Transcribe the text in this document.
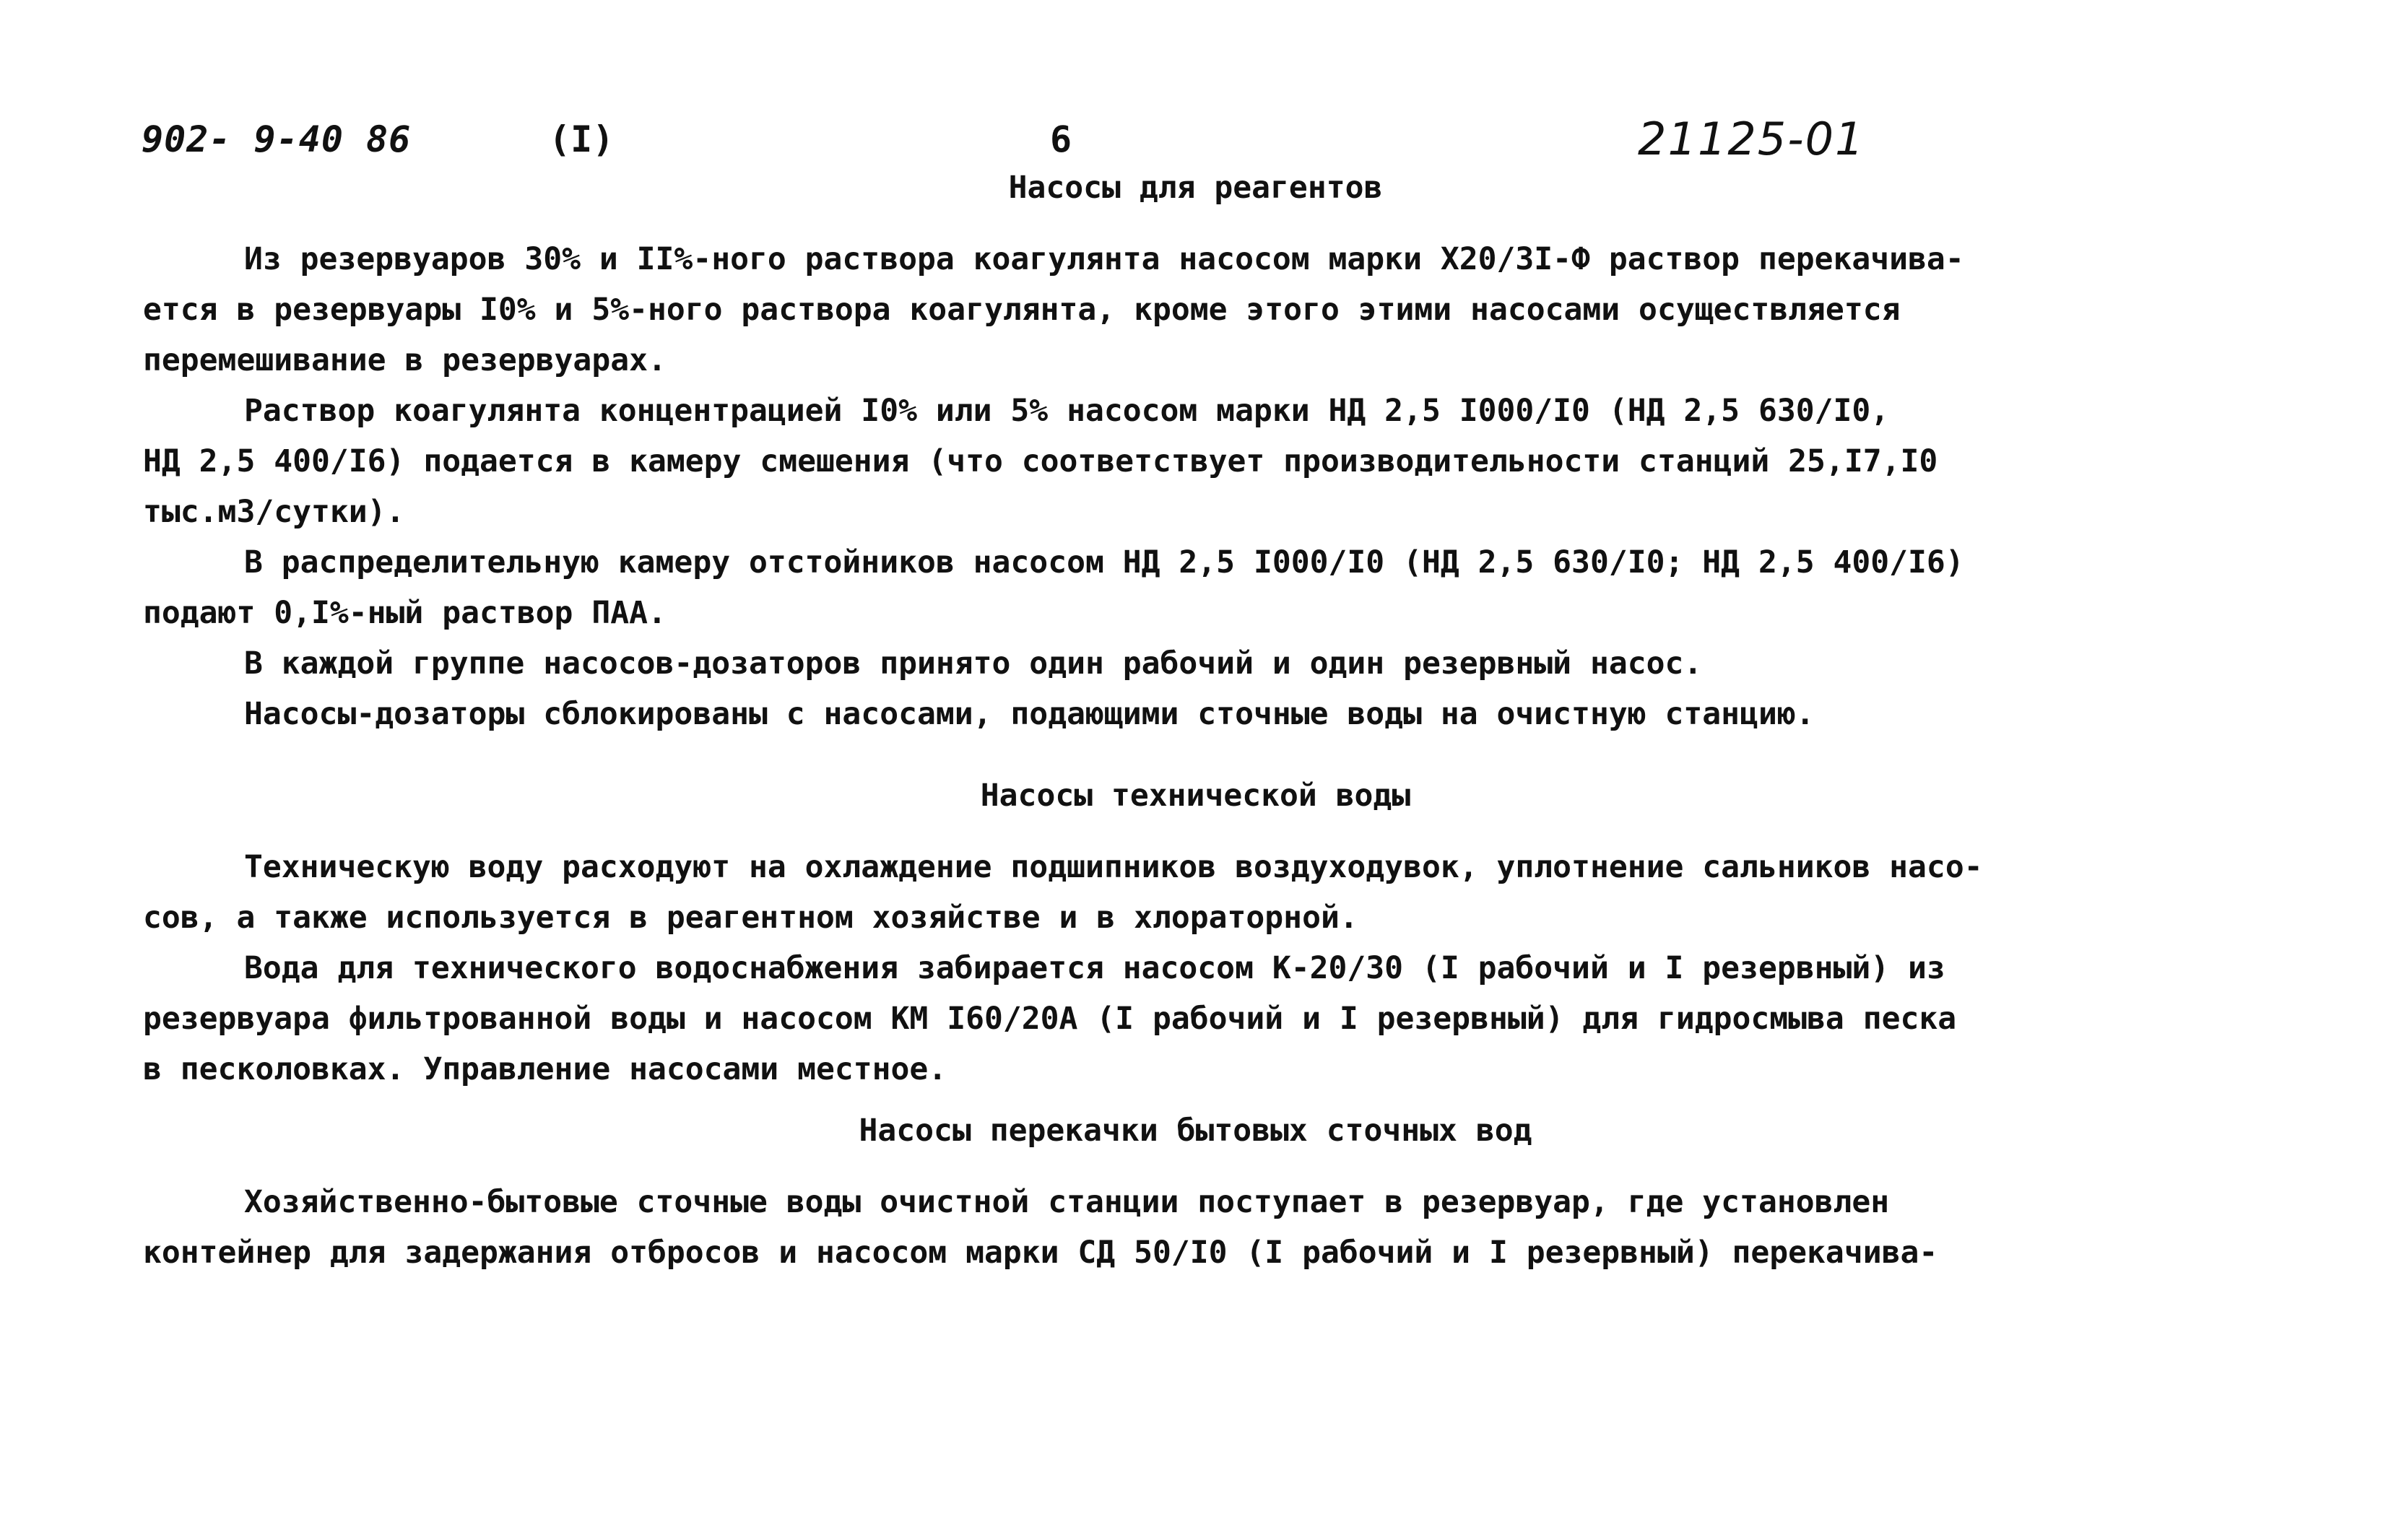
902- 9-40 86	(I)	6	21125-01
Насосы для реагентов
Из резервуаров 30% и II%-ного раствора коагулянта насосом марки Х20/3I-Ф раствор перекачива-
ется в резервуары I0% и 5%-ного раствора коагулянта, кроме этого этими насосами осуществляется
перемешивание в резервуарах.
Раствор коагулянта концентрацией I0% или 5% насосом марки НД 2,5 I000/I0 (НД 2,5 630/I0,
НД 2,5 400/I6) подается в камеру смешения (что соответствует производительности станций 25,I7,I0
тыс.м3/сутки).
В распределительную камеру отстойников насосом НД 2,5 I000/I0 (НД 2,5 630/I0; НД 2,5 400/I6)
подают 0,I%-ный раствор ПАА.
В каждой группе насосов-дозаторов принято один рабочий и один резервный насос.
Насосы-дозаторы сблокированы с насосами, подающими сточные воды на очистную станцию.
Насосы технической воды
Техническую воду расходуют на охлаждение подшипников воздуходувок, уплотнение сальников насо-
сов, а также используется в реагентном хозяйстве и в хлораторной.
Вода для технического водоснабжения забирается насосом К-20/30 (I рабочий и I резервный) из
резервуара фильтрованной воды и насосом КМ I60/20А (I рабочий и I резервный) для гидросмыва песка
в песколовках. Управление насосами местное.
Насосы перекачки бытовых сточных вод
Хозяйственно-бытовые сточные воды очистной станции поступает в резервуар, где установлен
контейнер для задержания отбросов и насосом марки СД 50/I0 (I рабочий и I резервный) перекачива-
